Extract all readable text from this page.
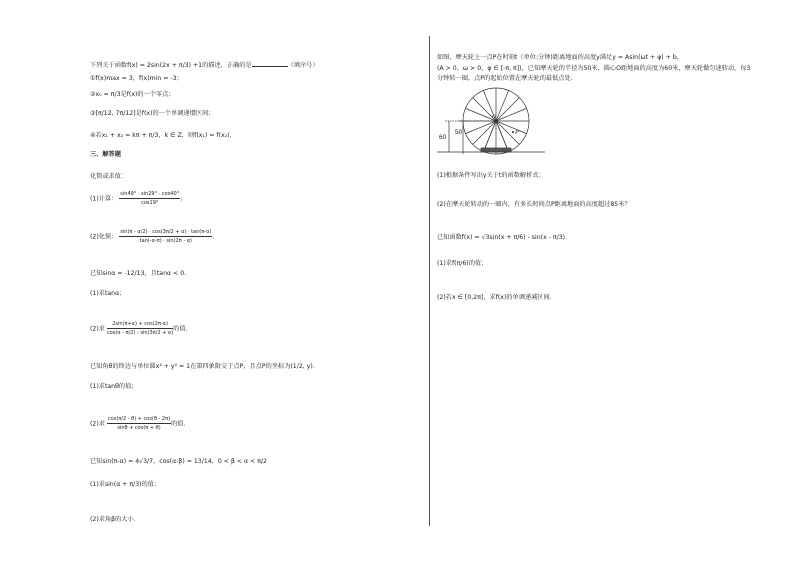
下列关于函数f(x) = 2sin(2x + π/3) +1的描述，正确的是	（填序号）
①f(x)max = 3，f(x)min = -3；
②x₀ = π/3是f(x)的一个零点；
③[π/12, 7π/12]是f(x)的一个单调递增区间；
④若x₁ + x₂ = kπ + π/3，k ∈ Z，则f(x₁) = f(x₂).
三、解答题
化简或求值：
(1)计算： $\frac{\sin 49^\circ \cdot \sin 29^\circ \cdot \cos 40^\circ}{\cos 19^\circ}$ ；
(2)化简： $\frac{\sin(\pi - \alpha/2) \cdot \cos(3\pi/2 + \alpha) \cdot \tan(\pi-\alpha)}{\tan(-\alpha-\pi) \cdot \sin(2\pi - \alpha)}$ .
已知sinα = -12/13，且tanα < 0.
(1)求tanα；
(2)求 $\frac{2\sin(\pi+\alpha) + \cos(2\pi-\alpha)}{\cos(\alpha - \pi/2) - \sin(3\pi/2 + \alpha)}$ 的值.
已知角θ的终边与单位圆x² + y² = 1在第四象限交于点P，且点P的坐标为(1/2, y).
(1)求tanθ的值；
(2)求 $\frac{\cos(\pi/2 - \theta) + \cos(\theta - 2\pi)}{\sin\theta + \cos(\pi + \theta)}$ 的值.
已知sin(π-α) = 4√3/7，cos(α-β) = 13/14，0 < β < α < π/2
(1)求sin(α + π/3)的值；
(2)求角β的大小.
如图，摩天轮上一点P在时刻t（单位:分钟)距离地面的高度y满足y = Asin(ωt + φ) + b，
(A > 0，ω > 0，φ ∈ [-π, π])，已知摩天轮的半径为50米，圆心O距地面的高度为60米，摩天轮做匀速转动，每3
分钟转一圈，点P的起始位置在摩天轮的最低点处.
(1)根据条件写出y关于t的函数解析式；
(2)在摩天轮转动的一圈内，有多长时间点P距离地面的高度超过85米？
已知函数f(x) = √3sin(x + π/6) - sin(x - π/3).
(1)求f(π/6)的值；
(2)若x ∈ [0,2π]，求f(x)的单调递减区间.
60
50
O
P
